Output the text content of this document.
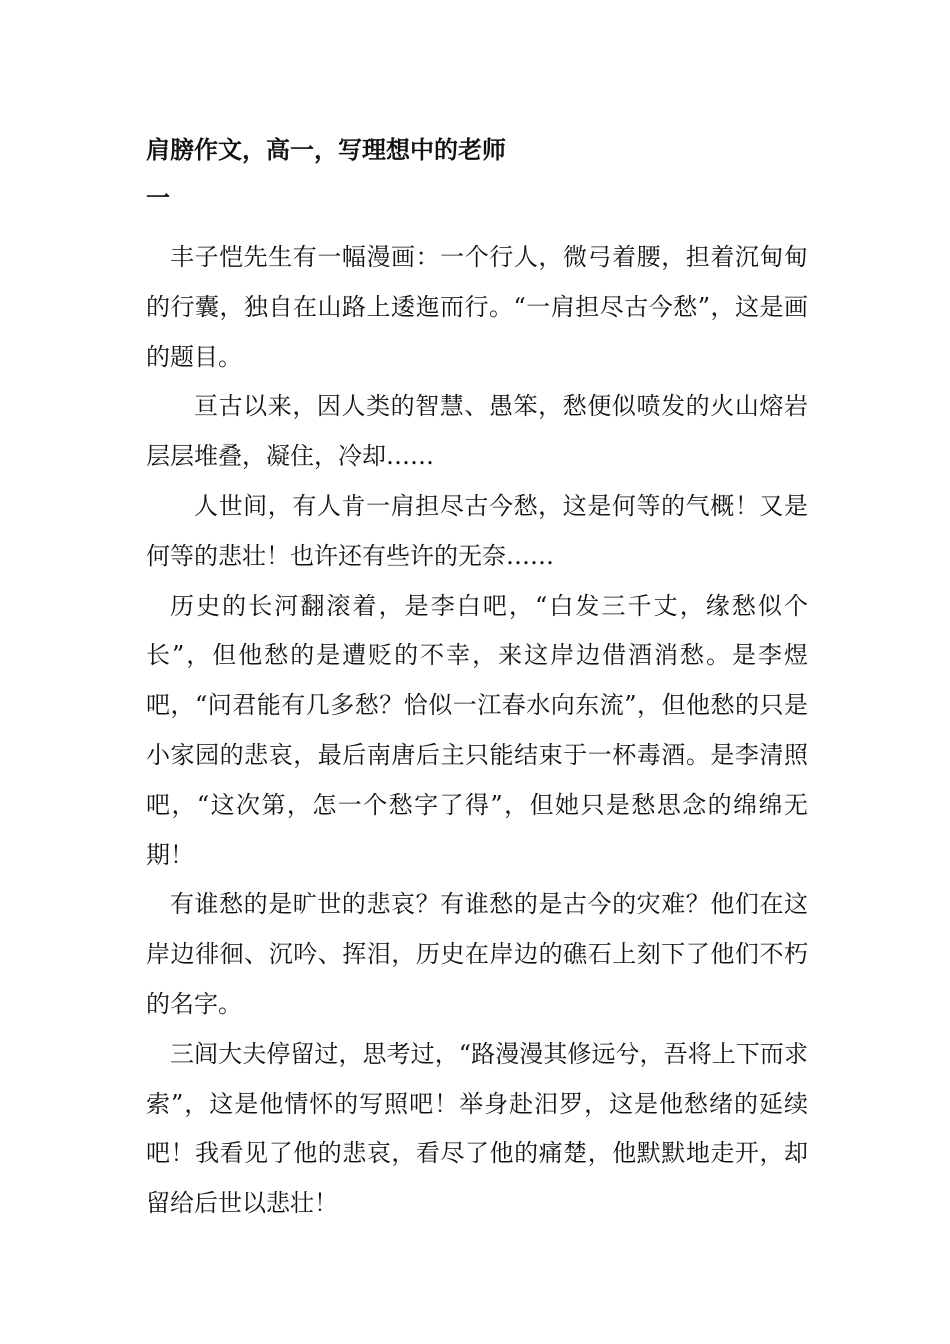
肩膀作文，高一，写理想中的老师
一

丰子恺先生有一幅漫画：一个行人，微弓着腰，担着沉甸甸的行囊，独自在山路上逶迤而行。“一肩担尽古今愁”，这是画的题目。

亘古以来，因人类的智慧、愚笨，愁便似喷发的火山熔岩层层堆叠，凝住，冷却……

人世间，有人肯一肩担尽古今愁，这是何等的气概！又是何等的悲壮！也许还有些许的无奈……

历史的长河翻滚着，是李白吧，“白发三千丈，缘愁似个长”，但他愁的是遭贬的不幸，来这岸边借酒消愁。是李煜吧，“问君能有几多愁？恰似一江春水向东流”，但他愁的只是小家园的悲哀，最后南唐后主只能结束于一杯毒酒。是李清照吧，“这次第，怎一个愁字了得”，但她只是愁思念的绵绵无期！

有谁愁的是旷世的悲哀？有谁愁的是古今的灾难？他们在这岸边徘徊、沉吟、挥泪，历史在岸边的礁石上刻下了他们不朽的名字。

三闾大夫停留过，思考过，“路漫漫其修远兮，吾将上下而求索”，这是他情怀的写照吧！举身赴汨罗，这是他愁绪的延续吧！我看见了他的悲哀，看尽了他的痛楚，他默默地走开，却留给后世以悲壮！
